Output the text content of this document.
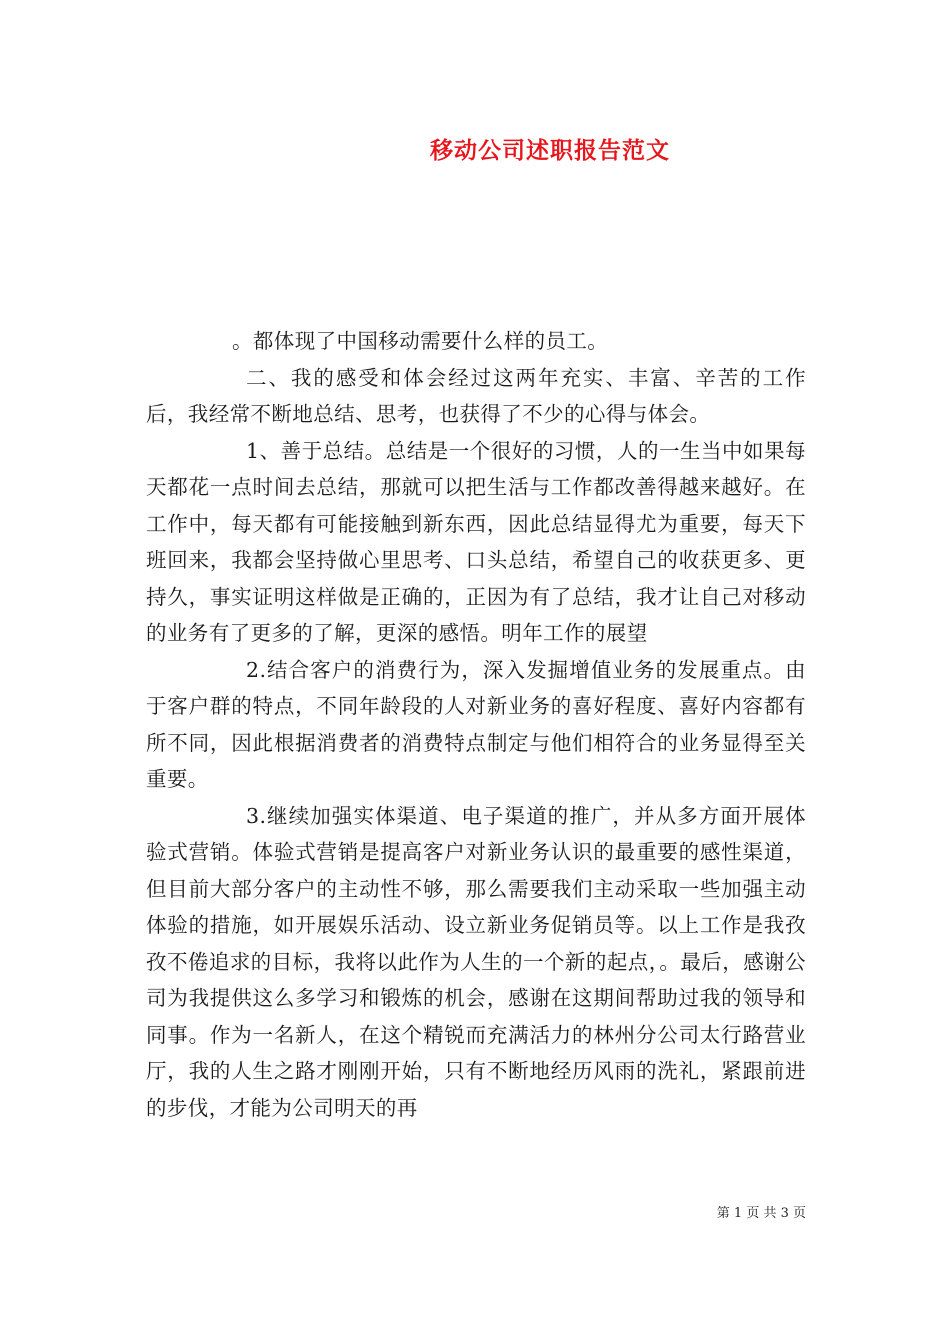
移动公司述职报告范文

。都体现了中国移动需要什么样的员工。

二、我的感受和体会经过这两年充实、丰富、辛苦的工作后，我经常不断地总结、思考，也获得了不少的心得与体会。

1、善于总结。总结是一个很好的习惯，人的一生当中如果每天都花一点时间去总结，那就可以把生活与工作都改善得越来越好。在工作中，每天都有可能接触到新东西，因此总结显得尤为重要，每天下班回来，我都会坚持做心里思考、口头总结，希望自己的收获更多、更持久，事实证明这样做是正确的，正因为有了总结，我才让自己对移动的业务有了更多的了解，更深的感悟。明年工作的展望

2.结合客户的消费行为，深入发掘增值业务的发展重点。由于客户群的特点，不同年龄段的人对新业务的喜好程度、喜好内容都有所不同，因此根据消费者的消费特点制定与他们相符合的业务显得至关重要。

3.继续加强实体渠道、电子渠道的推广，并从多方面开展体验式营销。体验式营销是提高客户对新业务认识的最重要的感性渠道，但目前大部分客户的主动性不够，那么需要我们主动采取一些加强主动体验的措施，如开展娱乐活动、设立新业务促销员等。以上工作是我孜孜不倦追求的目标，我将以此作为人生的一个新的起点，。最后，感谢公司为我提供这么多学习和锻炼的机会，感谢在这期间帮助过我的领导和同事。作为一名新人，在这个精锐而充满活力的林州分公司太行路营业厅，我的人生之路才刚刚开始，只有不断地经历风雨的洗礼，紧跟前进的步伐，才能为公司明天的再

第 1 页 共 3 页
